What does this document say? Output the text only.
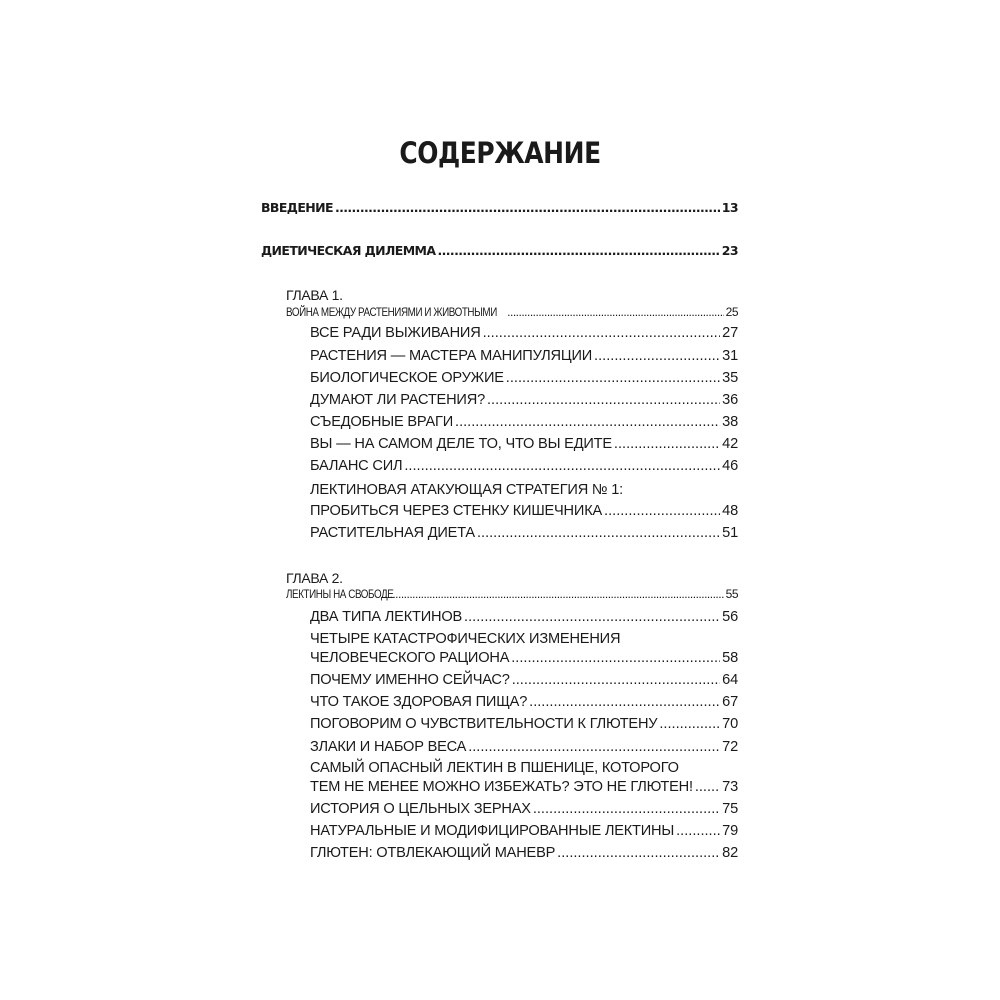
СОДЕРЖАНИЕ
ВВЕДЕНИЕ .....	13
ДИЕТИЧЕСКАЯ ДИЛЕММА .....	23
ГЛАВА 1.
ВОЙНА МЕЖДУ РАСТЕНИЯМИ И ЖИВОТНЫМИ .....	25
ВСЕ РАДИ ВЫЖИВАНИЯ .....	27
РАСТЕНИЯ — МАСТЕРА МАНИПУЛЯЦИИ .....	31
БИОЛОГИЧЕСКОЕ ОРУЖИЕ .....	35
ДУМАЮТ ЛИ РАСТЕНИЯ? .....	36
СЪЕДОБНЫЕ ВРАГИ .....	38
ВЫ — НА САМОМ ДЕЛЕ ТО, ЧТО ВЫ ЕДИТЕ .....	42
БАЛАНС СИЛ .....	46
ЛЕКТИНОВАЯ АТАКУЮЩАЯ СТРАТЕГИЯ № 1:
ПРОБИТЬСЯ ЧЕРЕЗ СТЕНКУ КИШЕЧНИКА .....	48
РАСТИТЕЛЬНАЯ ДИЕТА .....	51
ГЛАВА 2.
ЛЕКТИНЫ НА СВОБОДЕ .....	55
ДВА ТИПА ЛЕКТИНОВ .....	56
ЧЕТЫРЕ КАТАСТРОФИЧЕСКИХ ИЗМЕНЕНИЯ
ЧЕЛОВЕЧЕСКОГО РАЦИОНА .....	58
ПОЧЕМУ ИМЕННО СЕЙЧАС? .....	64
ЧТО ТАКОЕ ЗДОРОВАЯ ПИЩА? .....	67
ПОГОВОРИМ О ЧУВСТВИТЕЛЬНОСТИ К ГЛЮТЕНУ .....	70
ЗЛАКИ И НАБОР ВЕСА .....	72
САМЫЙ ОПАСНЫЙ ЛЕКТИН В ПШЕНИЦЕ, КОТОРОГО
ТЕМ НЕ МЕНЕЕ МОЖНО ИЗБЕЖАТЬ? ЭТО НЕ ГЛЮТЕН! ..... 73
ИСТОРИЯ О ЦЕЛЬНЫХ ЗЕРНАХ .....	75
НАТУРАЛЬНЫЕ И МОДИФИЦИРОВАННЫЕ ЛЕКТИНЫ .....	79
ГЛЮТЕН: ОТВЛЕКАЮЩИЙ МАНЕВР .....	82
